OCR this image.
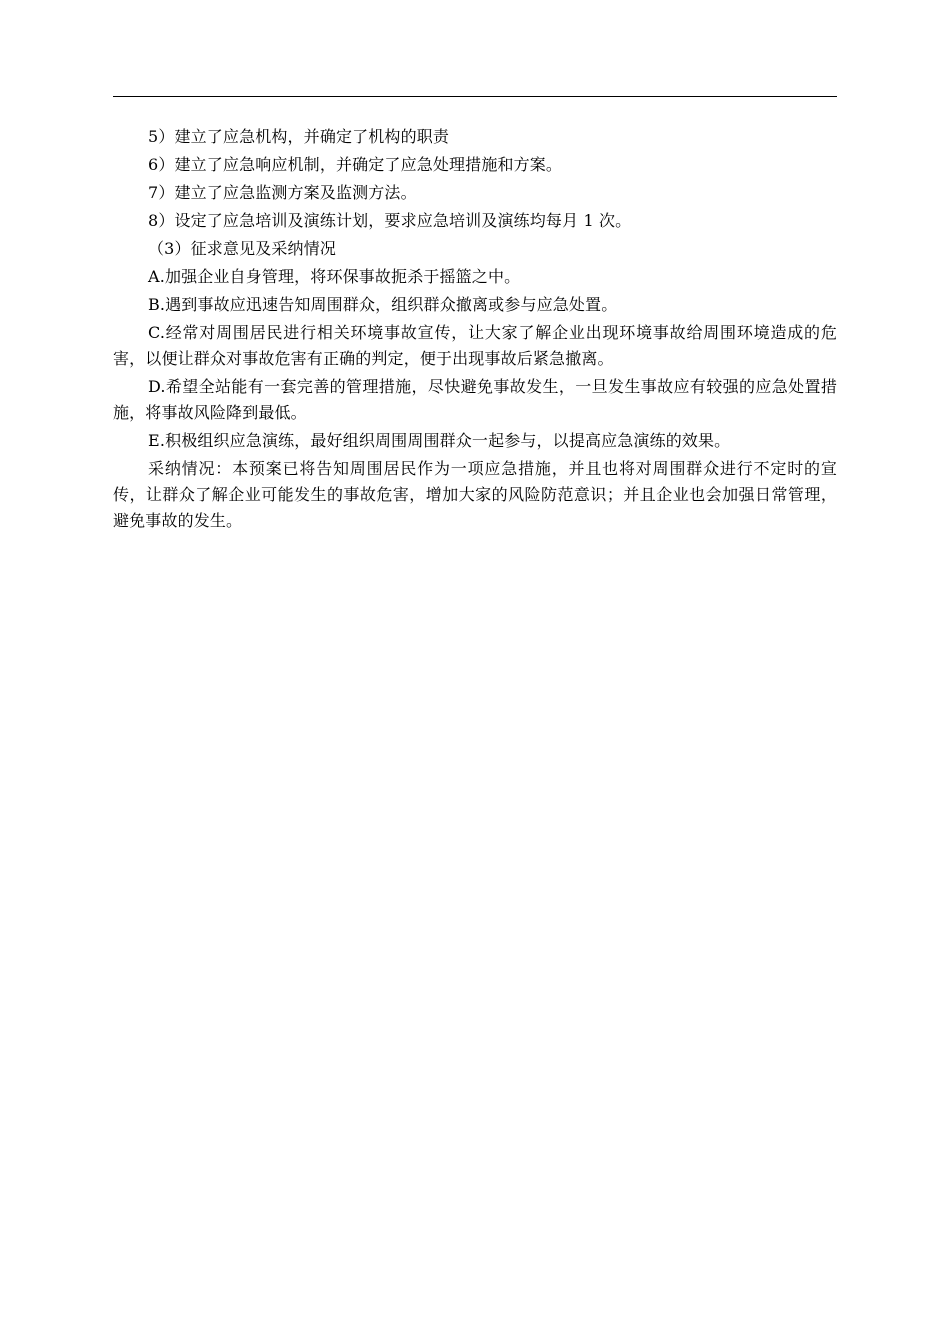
5）建立了应急机构，并确定了机构的职责

6）建立了应急响应机制，并确定了应急处理措施和方案。

7）建立了应急监测方案及监测方法。

8）设定了应急培训及演练计划，要求应急培训及演练均每月 1 次。

（3）征求意见及采纳情况

A.加强企业自身管理，将环保事故扼杀于摇篮之中。

B.遇到事故应迅速告知周围群众，组织群众撤离或参与应急处置。

C.经常对周围居民进行相关环境事故宣传，让大家了解企业出现环境事故给周围环境造成的危害，以便让群众对事故危害有正确的判定，便于出现事故后紧急撤离。

D.希望全站能有一套完善的管理措施，尽快避免事故发生，一旦发生事故应有较强的应急处置措施，将事故风险降到最低。

E.积极组织应急演练，最好组织周围周围群众一起参与，以提高应急演练的效果。

采纳情况：本预案已将告知周围居民作为一项应急措施，并且也将对周围群众进行不定时的宣传，让群众了解企业可能发生的事故危害，增加大家的风险防范意识；并且企业也会加强日常管理，避免事故的发生。
